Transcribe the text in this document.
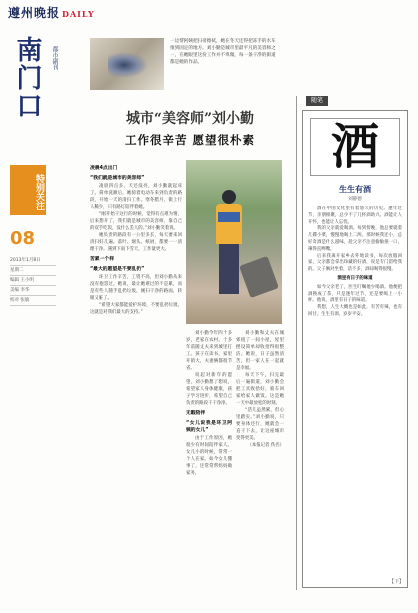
遵州晚报 DAILY
南门口	都市副刊
特别关注
08
2013年1月8日
星期二
编辑 王小明
美编 李华
校对 张敏
一边帮阿姨把扫帚擦拭，她在冬天还得把冻手的水车推到固定的地方。刘小勤是城市里最平凡的美容师之一，在她眼里这份工作并不卑微，每一条干净的街道都是她的作品。
城市“美容师”刘小勤
工作很辛苦 愿望很朴素

凌晨4点出门

“我们就是城市的美容师”

凌晨四点多，天还没亮，刘小勤就起床了。简单洗漱后，她骑着电动车来到负责的路段，开始一天的清扫工作。寒冬腊月，街上行人稀少，只有路灯陪伴着她。

“刚开始干这行的时候，觉得有点难为情，后来想开了，我们就是城市的美容师，靠自己的双手吃饭，没什么丢人的。”刘小勤笑着说。

她负责的路段有一公里多长，每天要来回清扫好几遍。落叶、烟头、纸屑，都要一一清理干净。遇到下雨下雪天，工作量更大。

苦累一个样

“最大的愿望是不要乱扔”

环卫工作辛苦，工资不高，但刘小勤从来没有抱怨过。她说，最让她难过的不是累，而是有些人随手乱扔垃圾，刚扫干净的路面，转眼又脏了。

“希望大家都能爱护环境，不要乱扔垃圾，这就是对我们最大的支持。”

刘小勤今年四十多岁，老家在农村，十多年前随丈夫来到城里打工。孩子在读书，家里开销大，夫妻俩都很节省。

说起对新年的愿望，刘小勤想了想说，希望家人身体健康，孩子学习进步，希望自己负责的路段干干净净。

无暇陪伴

“女儿说我是环卫阿姨的女儿”

由于工作原因，她很少有时间陪伴家人。女儿小的时候，常常一个人在家。如今女儿懂事了，还常常帮妈妈做家务。

刘小勤和丈夫在城郊租了一间小屋，屋里摆设简单却收拾得很整洁。她说，日子虽然清苦，但一家人在一起就是幸福。

每天下午，扫完最后一遍街道，刘小勤会把工具收拾好，骑车回家给家人做饭。这是她一天中最放松的时刻。

“活儿虽然累，但心里踏实。”刘小勤说，只要身体还行，她就会一直干下去，让这座城市变得更美。

（本报记者 佚名）

随笔
酒
生生有酒
刘静德

酒在中国文化里有着悠久的历史。逢年过节，亲朋相聚，总少不了几杯酒助兴。酒能让人开怀，也能让人忘忧。

我的父亲就爱喝酒。每到傍晚，他总要就着几碟小菜，慢慢地喝上二两。那时候我还小，总好奇酒是什么滋味，趁父亲不注意偷偷抿一口，辣得直咧嘴。

后来我离开家乡去外地读书，每次放假回家，父亲都会拿出珍藏的好酒，说是专门留给我的。父子俩对坐着，话不多，酒却喝得很慢。

酒里有日子的味道

如今父亲老了，医生叮嘱他少喝酒。他便把酒换成了茶，只是逢年过节，还是要喝上一小杯。他说，酒里有日子的味道。

我想，人生大概也是如此，有苦有辣，也有回甘。生生有酒，岁岁平安。

【下】
